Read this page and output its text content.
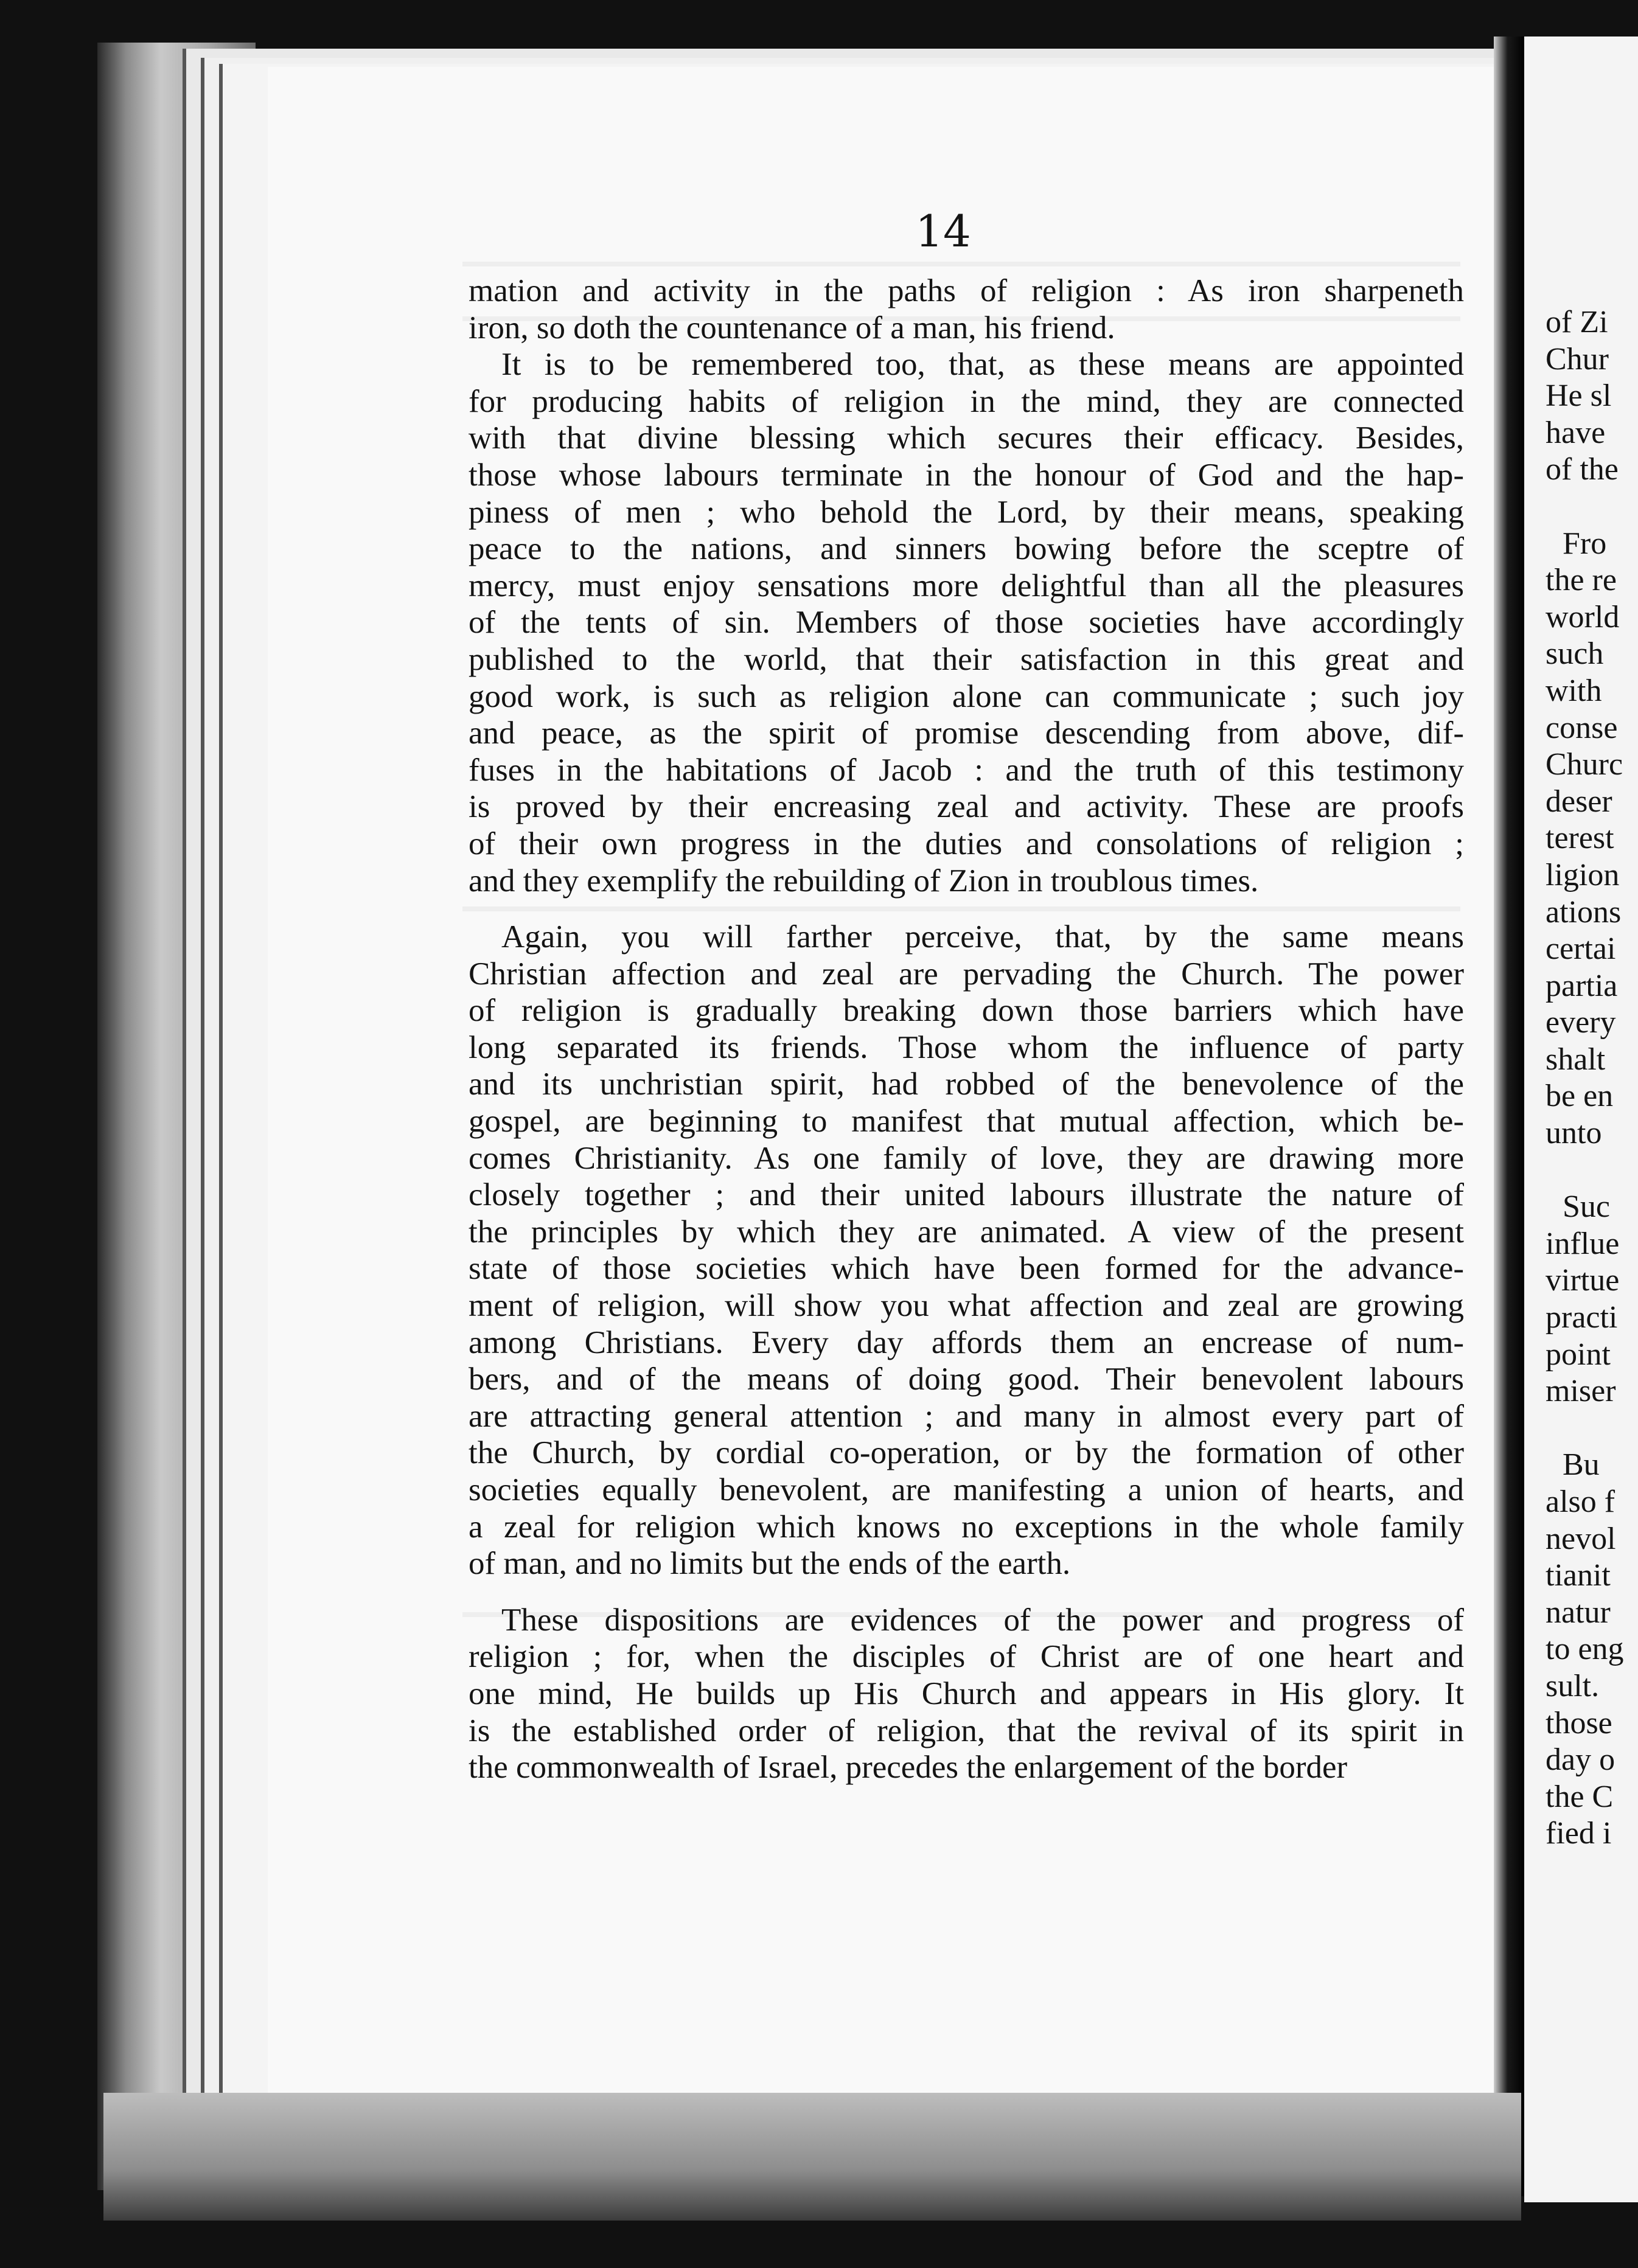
14
mation and activity in the paths of religion : As iron sharpeneth
iron, so doth the countenance of a man, his friend.
It is to be remembered too, that, as these means are appointed
for producing habits of religion in the mind, they are connected
with that divine blessing which secures their efficacy. Besides,
those whose labours terminate in the honour of God and the hap-
piness of men ; who behold the Lord, by their means, speaking
peace to the nations, and sinners bowing before the sceptre of
mercy, must enjoy sensations more delightful than all the pleasures
of the tents of sin. Members of those societies have accordingly
published to the world, that their satisfaction in this great and
good work, is such as religion alone can communicate ; such joy
and peace, as the spirit of promise descending from above, dif-
fuses in the habitations of Jacob : and the truth of this testimony
is proved by their encreasing zeal and activity. These are proofs
of their own progress in the duties and consolations of religion ;
and they exemplify the rebuilding of Zion in troublous times.
Again, you will farther perceive, that, by the same means
Christian affection and zeal are pervading the Church. The power
of religion is gradually breaking down those barriers which have
long separated its friends. Those whom the influence of party
and its unchristian spirit, had robbed of the benevolence of the
gospel, are beginning to manifest that mutual affection, which be-
comes Christianity. As one family of love, they are drawing more
closely together ; and their united labours illustrate the nature of
the principles by which they are animated. A view of the present
state of those societies which have been formed for the advance-
ment of religion, will show you what affection and zeal are growing
among Christians. Every day affords them an encrease of num-
bers, and of the means of doing good. Their benevolent labours
are attracting general attention ; and many in almost every part of
the Church, by cordial co-operation, or by the formation of other
societies equally benevolent, are manifesting a union of hearts, and
a zeal for religion which knows no exceptions in the whole family
of man, and no limits but the ends of the earth.
These dispositions are evidences of the power and progress of
religion ; for, when the disciples of Christ are of one heart and
one mind, He builds up His Church and appears in His glory. It
is the established order of religion, that the revival of its spirit in
the commonwealth of Israel, precedes the enlargement of the border
of Zi
Chur
He sl
have
of the
Fro
the re
world
such
with
conse
Churc
deser
terest
ligion
ations
certai
partia
every
shalt
be en
unto
Suc
influe
virtue
practi
point
miser
Bu
also f
nevol
tianit
natur
to eng
sult.
those
day o
the C
fied i
